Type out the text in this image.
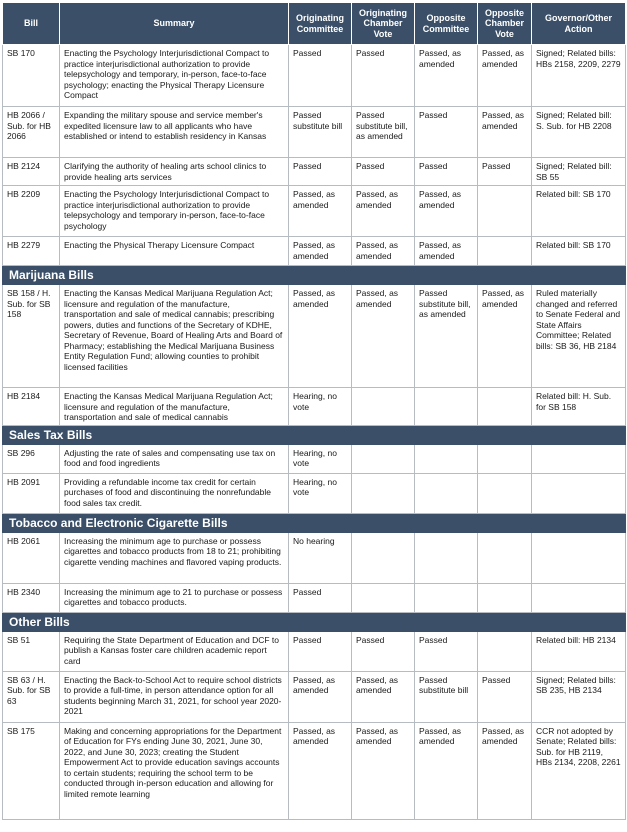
Bill	Summary	Originating Committee	Originating Chamber Vote	Opposite Committee	Opposite Chamber Vote	Governor/Other Action
SB 170	Enacting the Psychology Interjurisdictional Compact to practice interjurisdictional authorization to provide telepsychology and temporary, in-person, face-to-face psychology; enacting the Physical Therapy Licensure Compact	Passed	Passed	Passed, as amended	Passed, as amended	Signed; Related bills: HBs 2158, 2209, 2279
HB 2066 / Sub. for HB 2066	Expanding the military spouse and service member's expedited licensure law to all applicants who have established or intend to establish residency in Kansas	Passed substitute bill	Passed substitute bill, as amended	Passed	Passed, as amended	Signed; Related bill: S. Sub. for HB 2208
HB 2124	Clarifying the authority of healing arts school clinics to provide healing arts services	Passed	Passed	Passed	Passed	Signed; Related bill: SB 55
HB 2209	Enacting the Psychology Interjurisdictional Compact to practice interjurisdictional authorization to provide telepsychology and temporary in-person, face-to-face psychology	Passed, as amended	Passed, as amended	Passed, as amended		Related bill: SB 170
HB 2279	Enacting the Physical Therapy Licensure Compact	Passed, as amended	Passed, as amended	Passed, as amended		Related bill: SB 170
Marijuana Bills						
SB 158 / H. Sub. for SB 158	Enacting the Kansas Medical Marijuana Regulation Act; licensure and regulation of the manufacture, transportation and sale of medical cannabis; prescribing powers, duties and functions of the Secretary of KDHE, Secretary of Revenue, Board of Healing Arts and Board of Pharmacy; establishing the Medical Marijuana Business Entity Regulation Fund; allowing counties to prohibit licensed facilities	Passed, as amended	Passed, as amended	Passed substitute bill, as amended	Passed, as amended	Ruled materially changed and referred to Senate Federal and State Affairs Committee; Related bills: SB 36, HB 2184
HB 2184	Enacting the Kansas Medical Marijuana Regulation Act; licensure and regulation of the manufacture, transportation and sale of medical cannabis	Hearing, no vote				Related bill: H. Sub. for SB 158
Sales Tax Bills						
SB 296	Adjusting the rate of sales and compensating use tax on food and food ingredients	Hearing, no vote				
HB 2091	Providing a refundable income tax credit for certain purchases of food and discontinuing the nonrefundable food sales tax credit.	Hearing, no vote				
Tobacco and Electronic Cigarette Bills						
HB 2061	Increasing the minimum age to purchase or possess cigarettes and tobacco products from 18 to 21; prohibiting cigarette vending machines and flavored vaping products.	No hearing				
HB 2340	Increasing the minimum age to 21 to purchase or possess cigarettes and tobacco products.	Passed				
Other Bills						
SB 51	Requiring the State Department of Education and DCF to publish a Kansas foster care children academic report card	Passed	Passed	Passed		Related bill: HB 2134
SB 63 / H. Sub. for SB 63	Enacting the Back-to-School Act to require school districts to provide a full-time, in person attendance option for all students beginning March 31, 2021, for school year 2020-2021	Passed, as amended	Passed, as amended	Passed substitute bill	Passed	Signed; Related bills: SB 235, HB 2134
SB 175	Making and concerning appropriations for the Department of Education for FYs ending June 30, 2021, June 30, 2022, and June 30, 2023; creating the Student Empowerment Act to provide education savings accounts to certain students; requiring the school term to be conducted through in-person education and allowing for limited remote learning	Passed, as amended	Passed, as amended	Passed, as amended	Passed, as amended	CCR not adopted by Senate; Related bills: Sub. for HB 2119, HBs 2134, 2208, 2261
